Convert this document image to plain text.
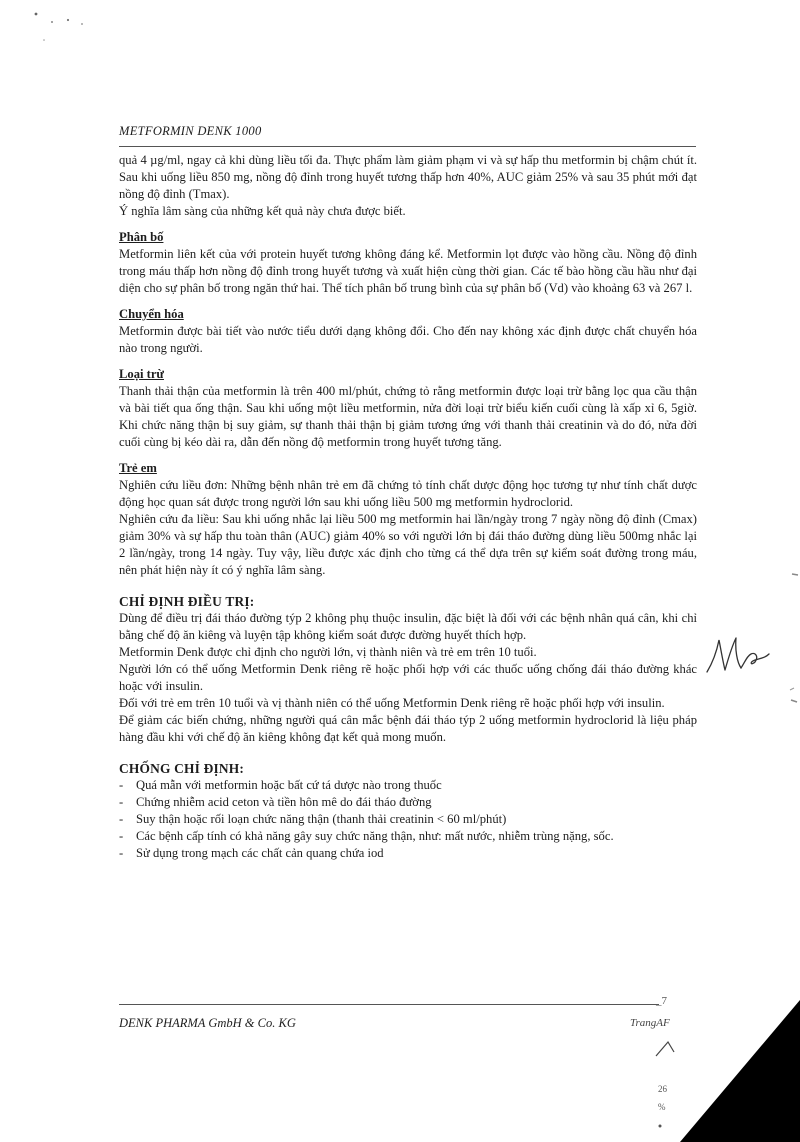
METFORMIN DENK 1000

quả 4 µg/ml, ngay cả khi dùng liều tối đa. Thực phẩm làm giảm phạm vi và sự hấp thu metformin bị chậm chút ít. Sau khi uống liều 850 mg, nồng độ đỉnh trong huyết tương thấp hơn 40%, AUC giảm 25% và sau 35 phút mới đạt nồng độ đỉnh (Tmax).

Ý nghĩa lâm sàng của những kết quả này chưa được biết.

Phân bố

Metformin liên kết của với protein huyết tương không đáng kể. Metformin lọt được vào hồng cầu. Nồng độ đỉnh trong máu thấp hơn nồng độ đỉnh trong huyết tương và xuất hiện cùng thời gian. Các tế bào hồng cầu hầu như đại diện cho sự phân bố trong ngăn thứ hai. Thể tích phân bố trung bình của sự phân bố (Vd) vào khoảng 63 và 267 l.

Chuyển hóa

Metformin được bài tiết vào nước tiểu dưới dạng không đổi. Cho đến nay không xác định được chất chuyển hóa nào trong người.

Loại trừ

Thanh thải thận của metformin là trên 400 ml/phút, chứng tỏ rằng metformin được loại trừ bằng lọc qua cầu thận và bài tiết qua ống thận. Sau khi uống một liều metformin, nửa đời loại trừ biểu kiến cuối cùng là xấp xỉ 6, 5giờ. Khi chức năng thận bị suy giảm, sự thanh thải thận bị giảm tương ứng với thanh thải creatinin và do đó, nửa đời cuối cùng bị kéo dài ra, dẫn đến nồng độ metformin trong huyết tương tăng.

Trẻ em

Nghiên cứu liều đơn: Những bệnh nhân trẻ em đã chứng tỏ tính chất dược động học tương tự như tính chất dược động học quan sát được trong người lớn sau khi uống liều 500 mg metformin hydroclorid.

Nghiên cứu đa liều: Sau khi uống nhắc lại liều 500 mg metformin hai lần/ngày trong 7 ngày nồng độ đỉnh (Cmax) giảm 30% và sự hấp thu toàn thân (AUC) giảm 40% so với người lớn bị đái tháo đường dùng liều 500mg nhắc lại 2 lần/ngày, trong 14 ngày. Tuy vậy, liều được xác định cho từng cá thể dựa trên sự kiểm soát đường trong máu, nên phát hiện này ít có ý nghĩa lâm sàng.

CHỈ ĐỊNH ĐIỀU TRỊ:

Dùng để điều trị đái tháo đường týp 2 không phụ thuộc insulin, đặc biệt là đối với các bệnh nhân quá cân, khi chỉ bằng chế độ ăn kiêng và luyện tập không kiểm soát được đường huyết thích hợp.

Metformin Denk được chỉ định cho người lớn, vị thành niên và trẻ em trên 10 tuổi.

Người lớn có thể uống Metformin Denk riêng rẽ hoặc phối hợp với các thuốc uống chống đái tháo đường khác hoặc với insulin.

Đối với trẻ em trên 10 tuổi và vị thành niên có thể uống Metformin Denk riêng rẽ hoặc phối hợp với insulin.

Để giảm các biến chứng, những người quá cân mắc bệnh đái tháo týp 2 uống metformin hydroclorid là liệu pháp hàng đầu khi với chế độ ăn kiêng không đạt kết quả mong muốn.

CHỐNG CHỈ ĐỊNH:

- Quá mẫn với metformin hoặc bất cứ tá dược nào trong thuốc
- Chứng nhiễm acid ceton và tiền hôn mê do đái tháo đường
- Suy thận hoặc rối loạn chức năng thận (thanh thải creatinin < 60 ml/phút)
- Các bệnh cấp tính có khả năng gây suy chức năng thận, như: mất nước, nhiễm trùng nặng, sốc.
- Sử dụng trong mạch các chất cản quang chứa iod
_7
DENK PHARMA GmbH & Co. KG	TrangAF
26
%
